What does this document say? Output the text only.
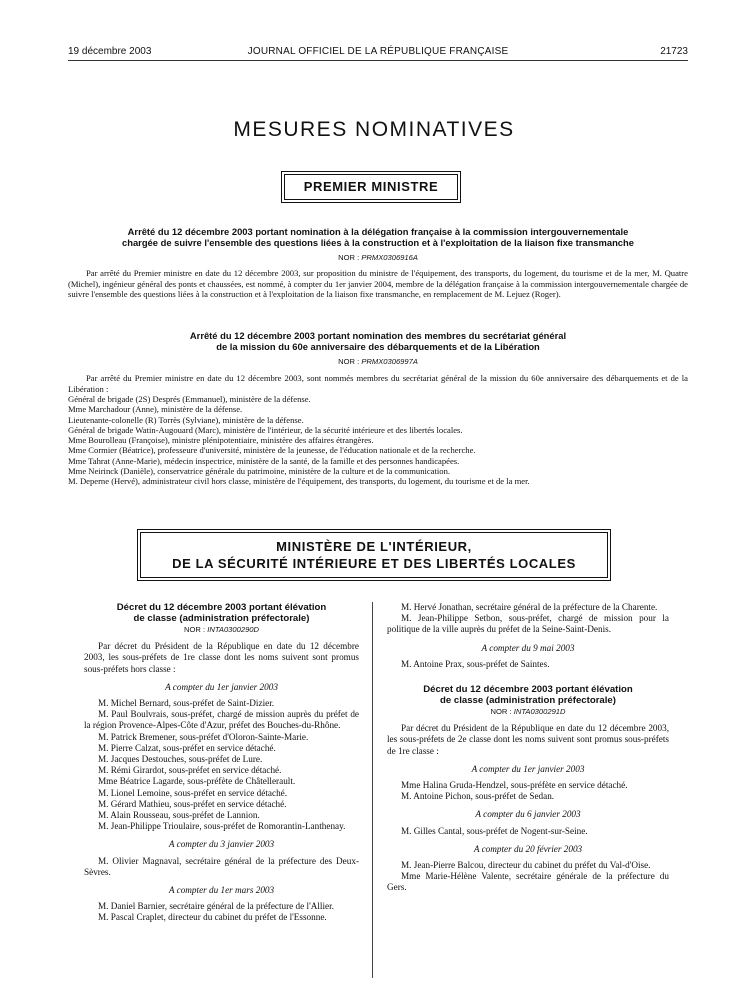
19 décembre 2003	JOURNAL OFFICIEL DE LA RÉPUBLIQUE FRANÇAISE	21723
MESURES NOMINATIVES
PREMIER MINISTRE
Arrêté du 12 décembre 2003 portant nomination à la délégation française à la commission intergouvernementale
chargée de suivre l'ensemble des questions liées à la construction et à l'exploitation de la liaison fixe transmanche
NOR : PRMX0306916A

Par arrêté du Premier ministre en date du 12 décembre 2003, sur proposition du ministre de l'équipement, des transports, du logement, du tourisme et de la mer, M. Quatre (Michel), ingénieur général des ponts et chaussées, est nommé, à compter du 1er janvier 2004, membre de la délégation française à la commission intergouvernementale chargée de suivre l'ensemble des questions liées à la construction et à l'exploitation de la liaison fixe transmanche, en remplacement de M. Lejuez (Roger).

Arrêté du 12 décembre 2003 portant nomination des membres du secrétariat général
de la mission du 60e anniversaire des débarquements et de la Libération
NOR : PRMX0306997A

Par arrêté du Premier ministre en date du 12 décembre 2003, sont nommés membres du secrétariat général de la mission du 60e anniversaire des débarquements et de la Libération :

Général de brigade (2S) Després (Emmanuel), ministère de la défense.
Mme Marchadour (Anne), ministère de la défense.
Lieutenante-colonelle (R) Torrès (Sylviane), ministère de la défense.
Général de brigade Watin-Augouard (Marc), ministère de l'intérieur, de la sécurité intérieure et des libertés locales.
Mme Bourolleau (Françoise), ministre plénipotentiaire, ministère des affaires étrangères.
Mme Cormier (Béatrice), professeure d'université, ministère de la jeunesse, de l'éducation nationale et de la recherche.
Mme Tahrat (Anne-Marie), médecin inspectrice, ministère de la santé, de la famille et des personnes handicapées.
Mme Neirinck (Danièle), conservatrice générale du patrimoine, ministère de la culture et de la communication.
M. Deperne (Hervé), administrateur civil hors classe, ministère de l'équipement, des transports, du logement, du tourisme et de la mer.
MINISTÈRE DE L'INTÉRIEUR,
DE LA SÉCURITÉ INTÉRIEURE ET DES LIBERTÉS LOCALES
Décret du 12 décembre 2003 portant élévation
de classe (administration préfectorale)
NOR : INTA0300290D

Par décret du Président de la République en date du 12 décembre 2003, les sous-préfets de 1re classe dont les noms suivent sont promus sous-préfets hors classe :

A compter du 1er janvier 2003
M. Michel Bernard, sous-préfet de Saint-Dizier.
M. Paul Boulvrais, sous-préfet, chargé de mission auprès du préfet de la région Provence-Alpes-Côte d'Azur, préfet des Bouches-du-Rhône.
M. Patrick Bremener, sous-préfet d'Oloron-Sainte-Marie.
M. Pierre Calzat, sous-préfet en service détaché.
M. Jacques Destouches, sous-préfet de Lure.
M. Rémi Girardot, sous-préfet en service détaché.
Mme Béatrice Lagarde, sous-préfète de Châtellerault.
M. Lionel Lemoine, sous-préfet en service détaché.
M. Gérard Mathieu, sous-préfet en service détaché.
M. Alain Rousseau, sous-préfet de Lannion.
M. Jean-Philippe Trioulaire, sous-préfet de Romorantin-Lanthenay.
A compter du 3 janvier 2003
M. Olivier Magnaval, secrétaire général de la préfecture des Deux-Sèvres.
A compter du 1er mars 2003
M. Daniel Barnier, secrétaire général de la préfecture de l'Allier.
M. Pascal Craplet, directeur du cabinet du préfet de l'Essonne.
M. Hervé Jonathan, secrétaire général de la préfecture de la Charente.
M. Jean-Philippe Setbon, sous-préfet, chargé de mission pour la politique de la ville auprès du préfet de la Seine-Saint-Denis.
A compter du 9 mai 2003
M. Antoine Prax, sous-préfet de Saintes.
Décret du 12 décembre 2003 portant élévation
de classe (administration préfectorale)
NOR : INTA0300291D

Par décret du Président de la République en date du 12 décembre 2003, les sous-préfets de 2e classe dont les noms suivent sont promus sous-préfets de 1re classe :

A compter du 1er janvier 2003
Mme Halina Gruda-Hendzel, sous-préfète en service détaché.
M. Antoine Pichon, sous-préfet de Sedan.
A compter du 6 janvier 2003
M. Gilles Cantal, sous-préfet de Nogent-sur-Seine.
A compter du 20 février 2003
M. Jean-Pierre Balcou, directeur du cabinet du préfet du Val-d'Oise.
Mme Marie-Hélène Valente, secrétaire générale de la préfecture du Gers.
